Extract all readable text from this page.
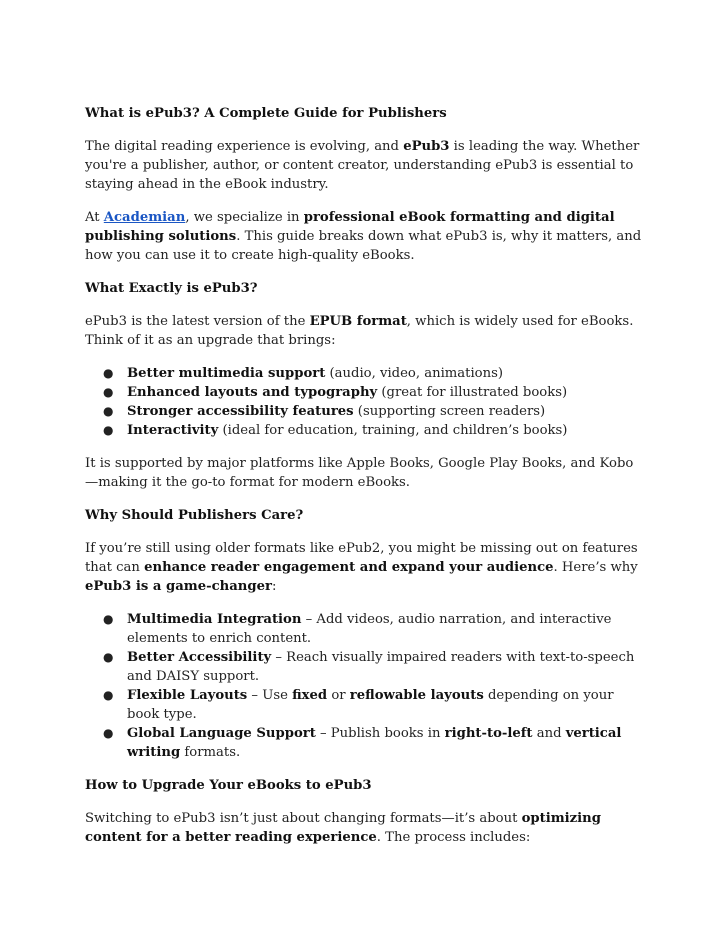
What is ePub3? A Complete Guide for Publishers

The digital reading experience is evolving, and ePub3 is leading the way. Whether you're a publisher, author, or content creator, understanding ePub3 is essential to staying ahead in the eBook industry.

At Academian, we specialize in professional eBook formatting and digital publishing solutions. This guide breaks down what ePub3 is, why it matters, and how you can use it to create high-quality eBooks.

What Exactly is ePub3?

ePub3 is the latest version of the EPUB format, which is widely used for eBooks. Think of it as an upgrade that brings:

● Better multimedia support (audio, video, animations)
● Enhanced layouts and typography (great for illustrated books)
● Stronger accessibility features (supporting screen readers)
● Interactivity (ideal for education, training, and children’s books)

It is supported by major platforms like Apple Books, Google Play Books, and Kobo—making it the go-to format for modern eBooks.

Why Should Publishers Care?

If you’re still using older formats like ePub2, you might be missing out on features that can enhance reader engagement and expand your audience. Here’s why ePub3 is a game-changer:

● Multimedia Integration – Add videos, audio narration, and interactive elements to enrich content.
● Better Accessibility – Reach visually impaired readers with text-to-speech and DAISY support.
● Flexible Layouts – Use fixed or reflowable layouts depending on your book type.
● Global Language Support – Publish books in right-to-left and vertical writing formats.
How to Upgrade Your eBooks to ePub3

Switching to ePub3 isn’t just about changing formats—it’s about optimizing content for a better reading experience. The process includes:
